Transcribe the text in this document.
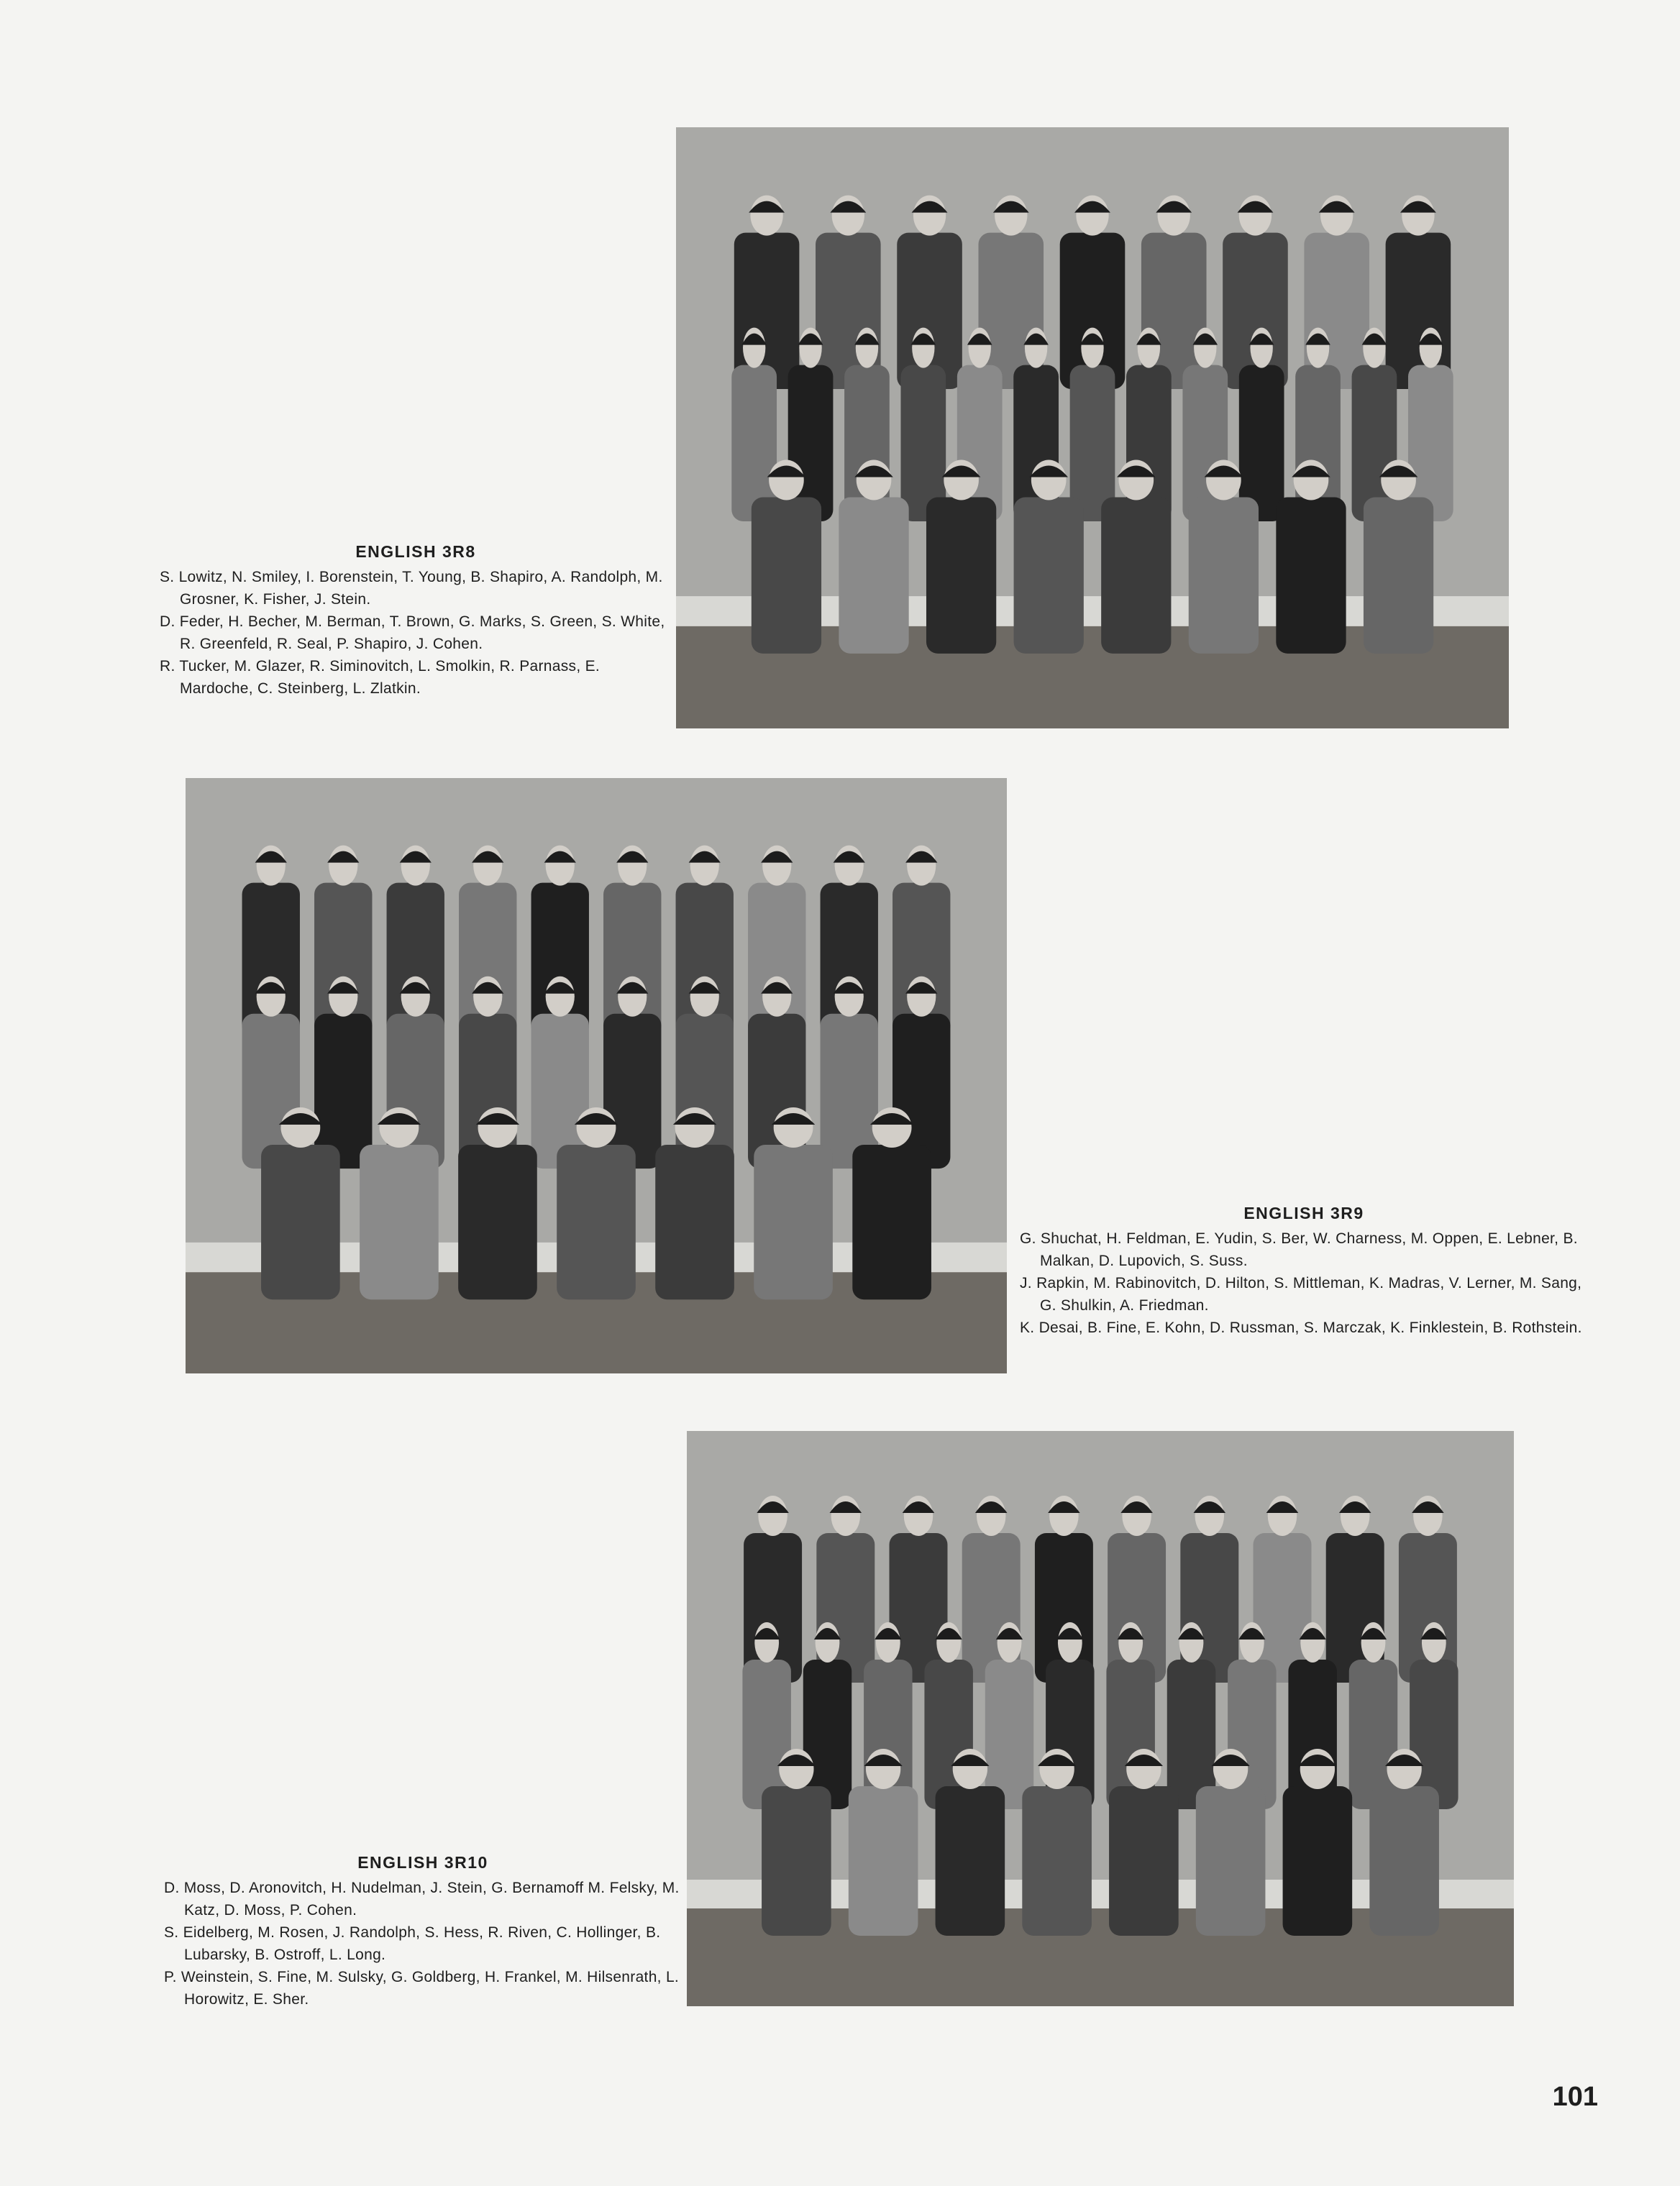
ENGLISH 3R8
S. Lowitz, N. Smiley, I. Borenstein, T. Young, B. Shapiro, A. Randolph, M. Grosner, K. Fisher, J. Stein.
D. Feder, H. Becher, M. Berman, T. Brown, G. Marks, S. Green, S. White, R. Greenfeld, R. Seal, P. Shapiro, J. Cohen.
R. Tucker, M. Glazer, R. Siminovitch, L. Smolkin, R. Parnass, E. Mardoche, C. Steinberg, L. Zlatkin.
ENGLISH 3R9
G. Shuchat, H. Feldman, E. Yudin, S. Ber, W. Charness, M. Oppen, E. Lebner, B. Malkan, D. Lupovich, S. Suss.
J. Rapkin, M. Rabinovitch, D. Hilton, S. Mittleman, K. Madras, V. Lerner, M. Sang, G. Shulkin, A. Friedman.
K. Desai, B. Fine, E. Kohn, D. Russman, S. Marczak, K. Finklestein, B. Rothstein.
ENGLISH 3R10
D. Moss, D. Aronovitch, H. Nudelman, J. Stein, G. Bernamoff M. Felsky, M. Katz, D. Moss, P. Cohen.
S. Eidelberg, M. Rosen, J. Randolph, S. Hess, R. Riven, C. Hollinger, B. Lubarsky, B. Ostroff, L. Long.
P. Weinstein, S. Fine, M. Sulsky, G. Goldberg, H. Frankel, M. Hilsenrath, L. Horowitz, E. Sher.
101
